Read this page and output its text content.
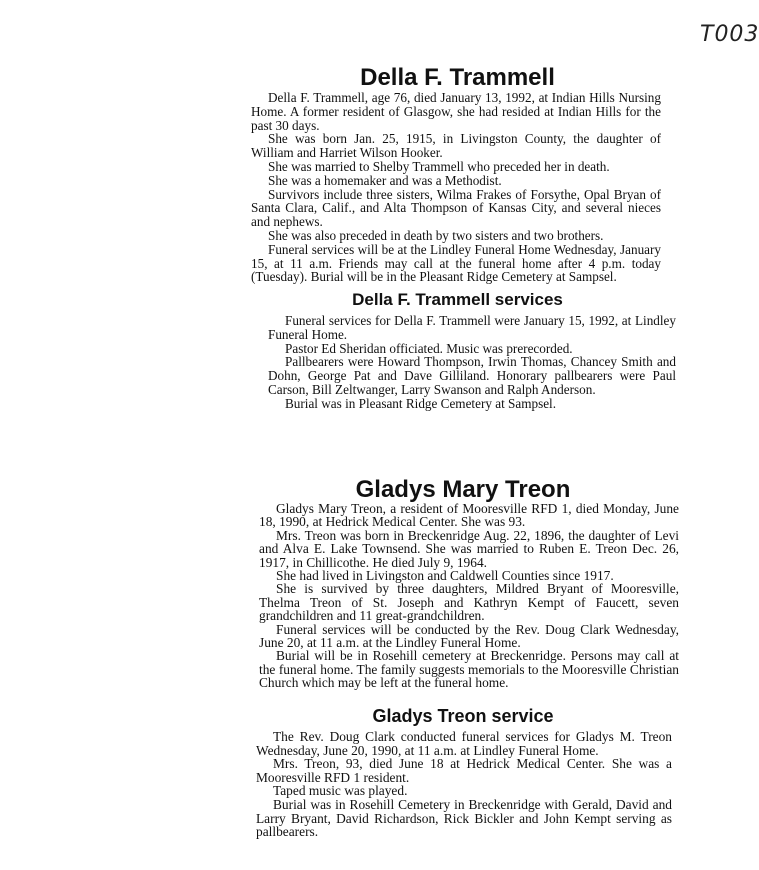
T003
Della F. Trammell

Della F. Trammell, age 76, died January 13, 1992, at Indian Hills Nursing Home. A former resident of Glasgow, she had resided at Indian Hills for the past 30 days.

She was born Jan. 25, 1915, in Livingston County, the daughter of William and Harriet Wilson Hooker.

She was married to Shelby Trammell who preceded her in death.

She was a homemaker and was a Methodist.

Survivors include three sisters, Wilma Frakes of Forsythe, Opal Bryan of Santa Clara, Calif., and Alta Thompson of Kansas City, and several nieces and nephews.

She was also preceded in death by two sisters and two brothers.

Funeral services will be at the Lindley Funeral Home Wednesday, January 15, at 11 a.m. Friends may call at the funeral home after 4 p.m. today (Tuesday). Burial will be in the Pleasant Ridge Cemetery at Sampsel.

Della F. Trammell services

Funeral services for Della F. Trammell were January 15, 1992, at Lindley Funeral Home.

Pastor Ed Sheridan officiated. Music was prerecorded.

Pallbearers were Howard Thompson, Irwin Thomas, Chancey Smith and Dohn, George Pat and Dave Gilliland. Honorary pallbearers were Paul Carson, Bill Zeltwanger, Larry Swanson and Ralph Anderson.

Burial was in Pleasant Ridge Cemetery at Sampsel.

Gladys Mary Treon

Gladys Mary Treon, a resident of Mooresville RFD 1, died Monday, June 18, 1990, at Hedrick Medical Center. She was 93.

Mrs. Treon was born in Breckenridge Aug. 22, 1896, the daughter of Levi and Alva E. Lake Townsend. She was married to Ruben E. Treon Dec. 26, 1917, in Chillicothe. He died July 9, 1964.

She had lived in Livingston and Caldwell Counties since 1917.

She is survived by three daughters, Mildred Bryant of Mooresville, Thelma Treon of St. Joseph and Kathryn Kempt of Faucett, seven grandchildren and 11 great-grandchildren.

Funeral services will be conducted by the Rev. Doug Clark Wednesday, June 20, at 11 a.m. at the Lindley Funeral Home.

Burial will be in Rosehill cemetery at Breckenridge. Persons may call at the funeral home. The family suggests memorials to the Mooresville Christian Church which may be left at the funeral home.

Gladys Treon service

The Rev. Doug Clark conducted funeral services for Gladys M. Treon Wednesday, June 20, 1990, at 11 a.m. at Lindley Funeral Home.

Mrs. Treon, 93, died June 18 at Hedrick Medical Center. She was a Mooresville RFD 1 resident.

Taped music was played.

Burial was in Rosehill Cemetery in Breckenridge with Gerald, David and Larry Bryant, David Richardson, Rick Bickler and John Kempt serving as pallbearers.
